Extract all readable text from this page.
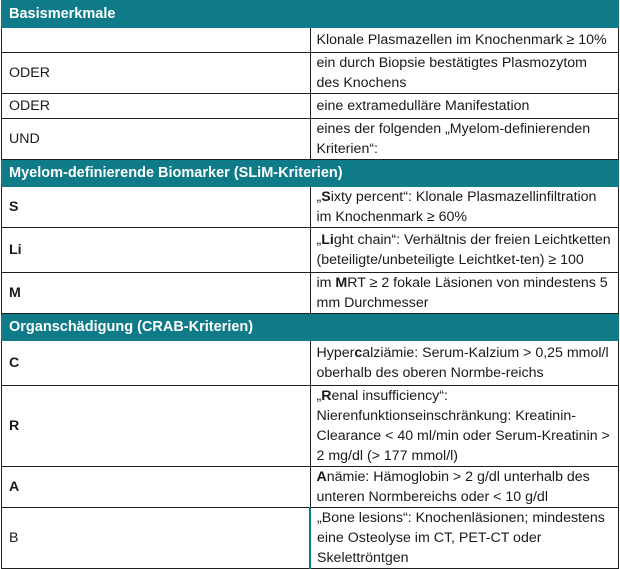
Basismerkmale	
	Klonale Plasmazellen im Knochenmark ≥ 10%
ODER	ein durch Biopsie bestätigtes Plasmozytom des Knochens
ODER	eine extramedulläre Manifestation
UND	eines der folgenden „Myelom-definierenden Kriterien“:
Myelom-definierende Biomarker (SLiM-Kriterien)	
S	„Sixty percent“: Klonale Plasmazellinfiltration im Knochenmark ≥ 60%
Li	„Light chain“: Verhältnis der freien Leichtketten (beteiligte/unbeteiligte Leichtket-ten) ≥ 100
M	im MRT ≥ 2 fokale Läsionen von mindestens 5 mm Durchmesser
Organschädigung (CRAB-Kriterien)	
C	Hypercalziämie: Serum-Kalzium > 0,25 mmol/l oberhalb des oberen Normbe-reichs
R	„Renal insufficiency“: Nierenfunktionseinschränkung: Kreatinin-Clearance < 40 ml/min oder Serum-Kreatinin > 2 mg/dl (> 177 mmol/l)
A	Anämie: Hämoglobin > 2 g/dl unterhalb des unteren Normbereichs oder < 10 g/dl
B	„Bone lesions“: Knochenläsionen; mindestens eine Osteolyse im CT, PET-CT oder Skelettröntgen
